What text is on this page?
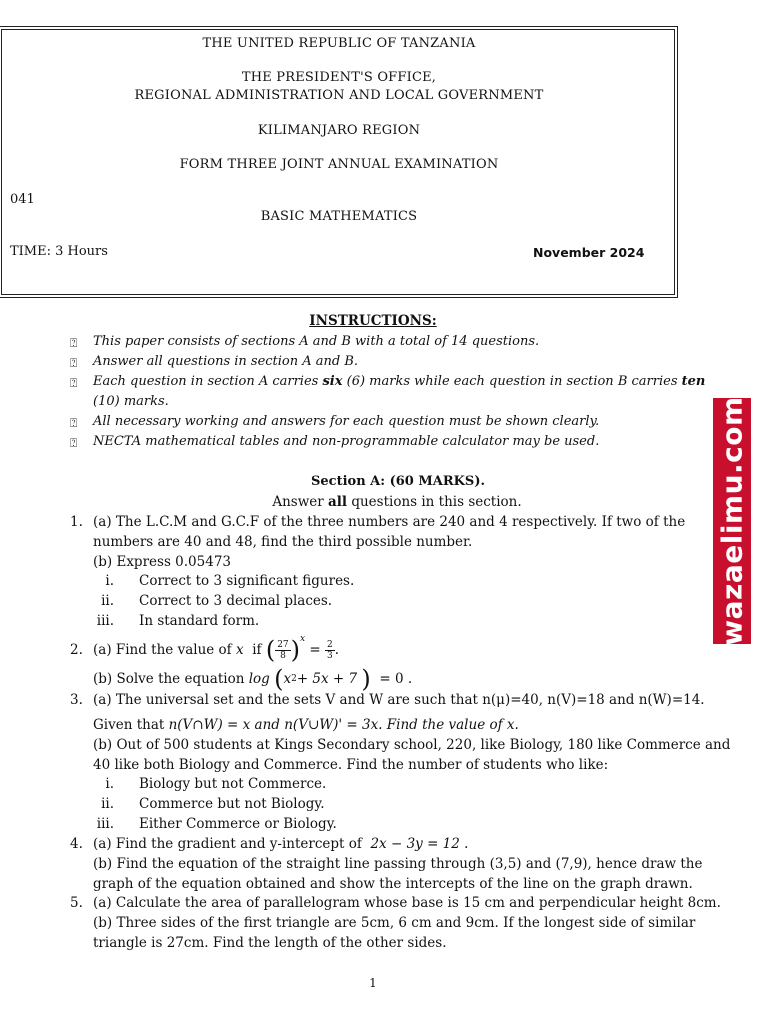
THE UNITED REPUBLIC OF TANZANIA
THE PRESIDENT'S OFFICE,
REGIONAL ADMINISTRATION AND LOCAL GOVERNMENT
KILIMANJARO REGION
FORM THREE JOINT ANNUAL EXAMINATION
041
BASIC MATHEMATICS
TIME: 3 Hours	November 2024
INSTRUCTIONS:
⍰ This paper consists of sections A and B with a total of 14 questions.
⍰ Answer all questions in section A and B.
⍰ Each question in section A carries six (6) marks while each question in section B carries ten
(10) marks.
⍰ All necessary working and answers for each question must be shown clearly.
⍰ NECTA mathematical tables and non-programmable calculator may be used.
Section A: (60 MARKS).
Answer all questions in this section.
1. (a) The L.C.M and G.C.F of the three numbers are 240 and 4 respectively. If two of the
numbers are 40 and 48, find the third possible number.
(b) Express 0.05473
i. Correct to 3 significant figures.
ii. Correct to 3 decimal places.
iii. In standard form.
2. (a) Find the value of
x
if
( $\frac{27}{8}$ ) x

=
$\frac{2}{3}$ .
(b) Solve the equation log
( x 2 + 5x + 7
)
= 0 .
3. (a) The universal set and the sets V and W are such that n(μ)=40, n(V)=18 and n(W)=14.
Given that n(V∩W) = x and n(V∪W)' = 3x. Find the value of x.
(b) Out of 500 students at Kings Secondary school, 220, like Biology, 180 like Commerce and
40 like both Biology and Commerce. Find the number of students who like:
i. Biology but not Commerce.
ii. Commerce but not Biology.
iii. Either Commerce or Biology.
4. (a) Find the gradient and y-intercept of 2x − 3y = 12 .
(b) Find the equation of the straight line passing through (3,5) and (7,9), hence draw the
graph of the equation obtained and show the intercepts of the line on the graph drawn.
5. (a) Calculate the area of parallelogram whose base is 15 cm and perpendicular height 8cm.
(b) Three sides of the first triangle are 5cm, 6 cm and 9cm. If the longest side of similar
triangle is 27cm. Find the length of the other sides.
wazaelimu.com
1
